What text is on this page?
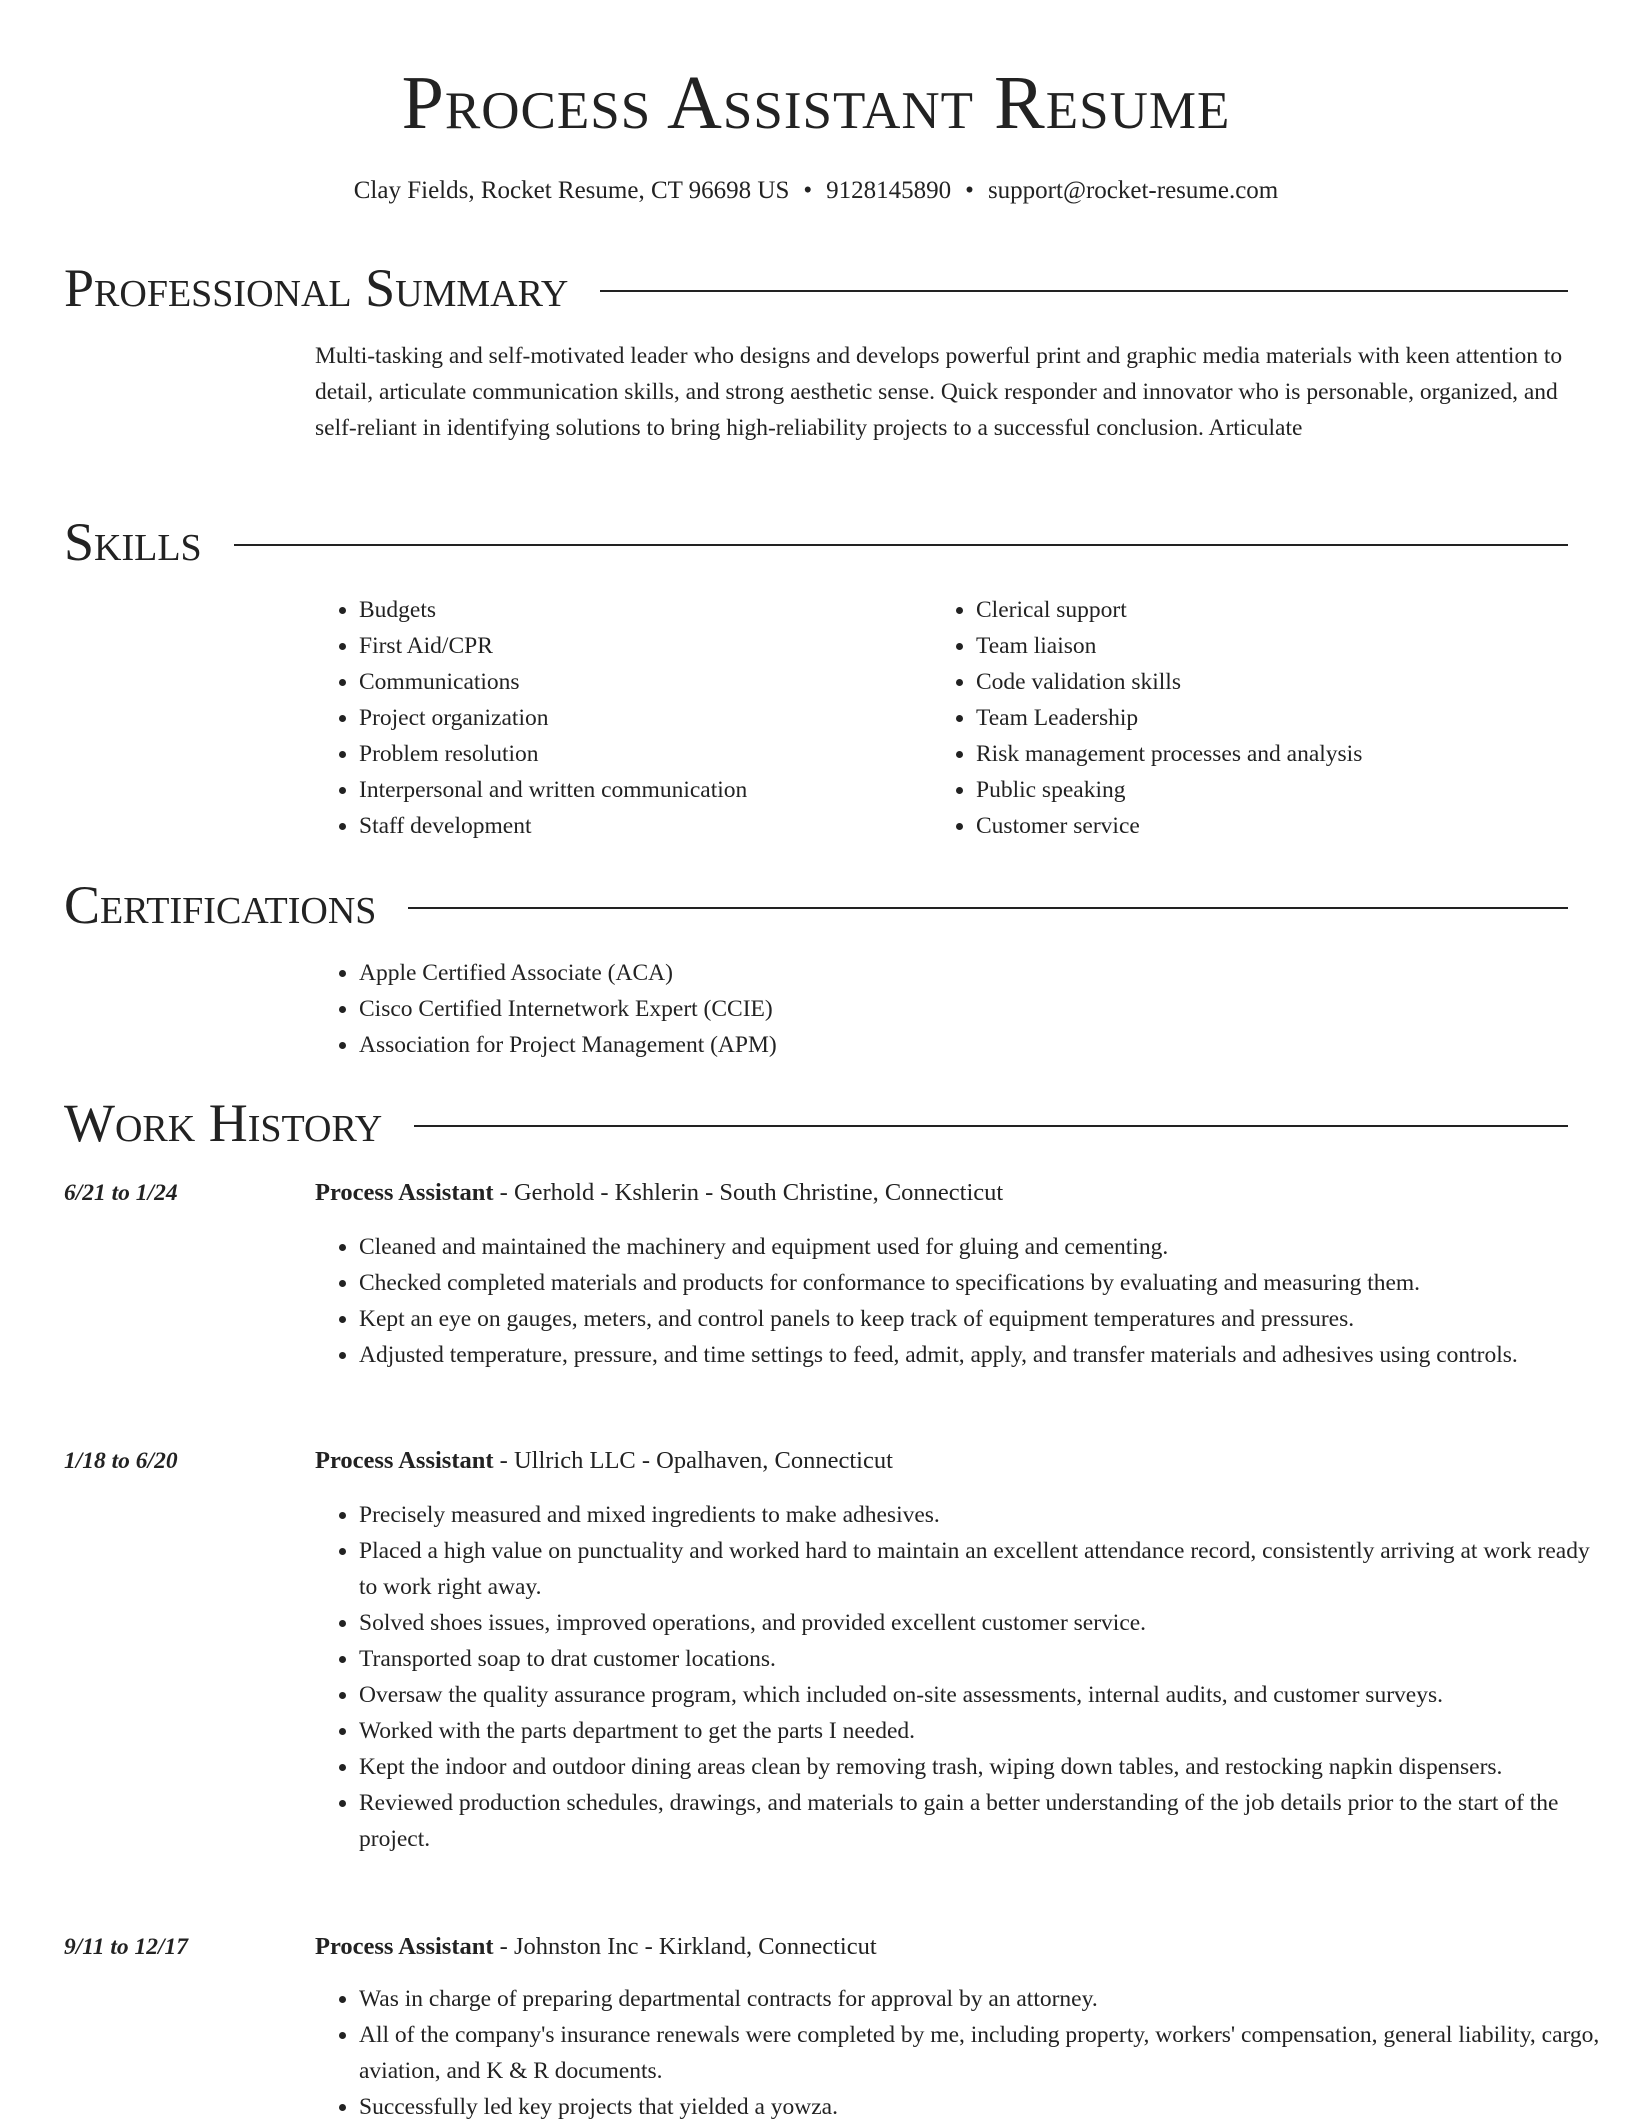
Process Assistant Resume
Clay Fields, Rocket Resume, CT 96698 US • 9128145890 • support@rocket-resume.com
Professional Summary

Multi-tasking and self-motivated leader who designs and develops powerful print and graphic media materials with keen attention to detail, articulate communication skills, and strong aesthetic sense. Quick responder and innovator who is personable, organized, and self-reliant in identifying solutions to bring high-reliability projects to a successful conclusion. Articulate

Skills
• Budgets
• First Aid/CPR
• Communications
• Project organization
• Problem resolution
• Interpersonal and written communication
• Staff development
• Clerical support
• Team liaison
• Code validation skills
• Team Leadership
• Risk management processes and analysis
• Public speaking
• Customer service
Certifications
• Apple Certified Associate (ACA)
• Cisco Certified Internetwork Expert (CCIE)
• Association for Project Management (APM)
Work History
6/21 to 1/24	Process Assistant - Gerhold - Kshlerin - South Christine, Connecticut
• Cleaned and maintained the machinery and equipment used for gluing and cementing.
• Checked completed materials and products for conformance to specifications by evaluating and measuring them.
• Kept an eye on gauges, meters, and control panels to keep track of equipment temperatures and pressures.
• Adjusted temperature, pressure, and time settings to feed, admit, apply, and transfer materials and adhesives using controls.
1/18 to 6/20	Process Assistant - Ullrich LLC - Opalhaven, Connecticut
• Precisely measured and mixed ingredients to make adhesives.
• Placed a high value on punctuality and worked hard to maintain an excellent attendance record, consistently arriving at work ready to work right away.
• Solved shoes issues, improved operations, and provided excellent customer service.
• Transported soap to drat customer locations.
• Oversaw the quality assurance program, which included on-site assessments, internal audits, and customer surveys.
• Worked with the parts department to get the parts I needed.
• Kept the indoor and outdoor dining areas clean by removing trash, wiping down tables, and restocking napkin dispensers.
• Reviewed production schedules, drawings, and materials to gain a better understanding of the job details prior to the start of the project.
9/11 to 12/17	Process Assistant - Johnston Inc - Kirkland, Connecticut
• Was in charge of preparing departmental contracts for approval by an attorney.
• All of the company's insurance renewals were completed by me, including property, workers' compensation, general liability, cargo, aviation, and K & R documents.
• Successfully led key projects that yielded a yowza.
